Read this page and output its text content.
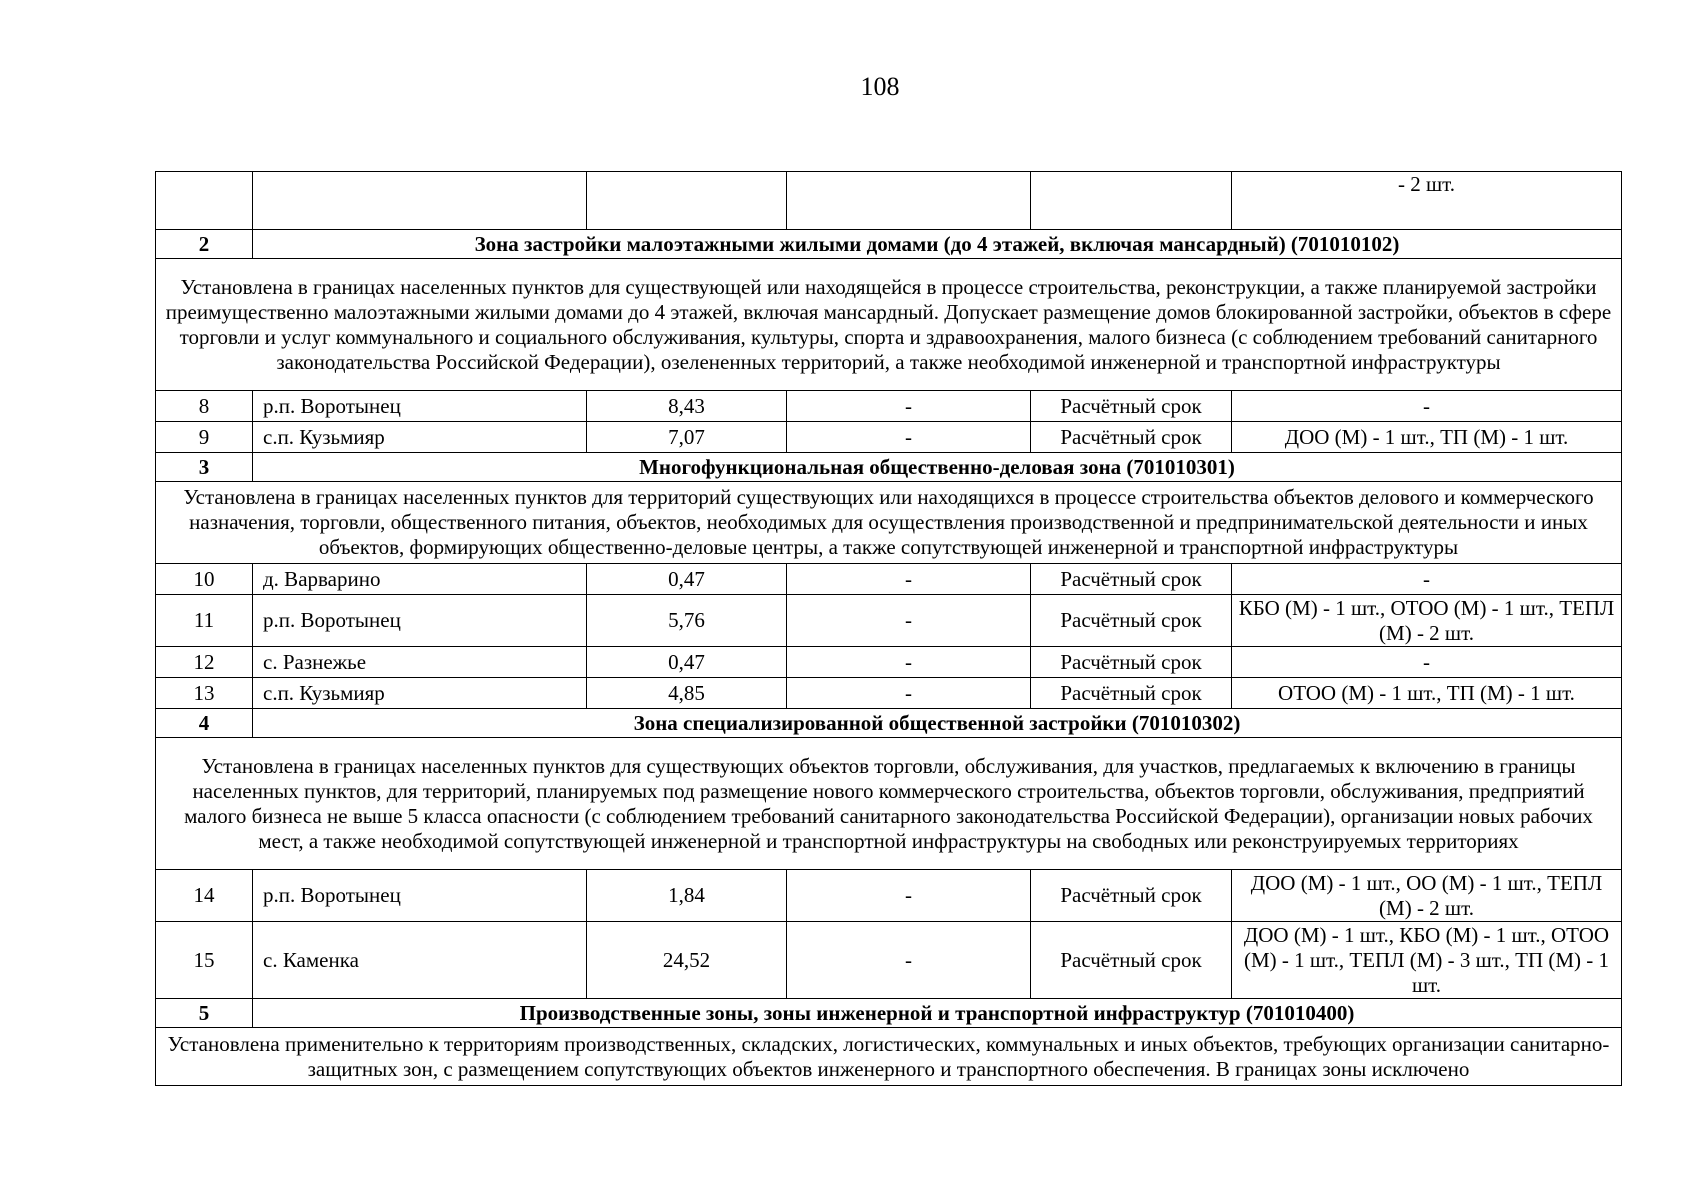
108
					- 2 шт.
2	Зона застройки малоэтажными жилыми домами (до 4 этажей, включая мансардный) (701010102)				
Установлена в границах населенных пунктов для существующей или находящейся в процессе строительства, реконструкции, а также планируемой застройки преимущественно малоэтажными жилыми домами до 4 этажей, включая мансардный. Допускает размещение домов блокированной застройки, объектов в сфере торговли и услуг коммунального и социального обслуживания, культуры, спорта и здравоохранения, малого бизнеса (с соблюдением требований санитарного законодательства Российской Федерации), озелененных территорий, а также необходимой инженерной и транспортной инфраструктуры					
8	р.п. Воротынец	8,43	-	Расчётный срок	-
9	с.п. Кузьмияр	7,07	-	Расчётный срок	ДОО (М) - 1 шт., ТП (М) - 1 шт.
3	Многофункциональная общественно-деловая зона (701010301)				
Установлена в границах населенных пунктов для территорий существующих или находящихся в процессе строительства объектов делового и коммерческого назначения, торговли, общественного питания, объектов, необходимых для осуществления производственной и предпринимательской деятельности и иных объектов, формирующих общественно-деловые центры, а также сопутствующей инженерной и транспортной инфраструктуры					
10	д. Варварино	0,47	-	Расчётный срок	-
11	р.п. Воротынец	5,76	-	Расчётный срок	КБО (М) - 1 шт., ОТОО (М) - 1 шт., ТЕПЛ (М) - 2 шт.
12	с. Разнежье	0,47	-	Расчётный срок	-
13	с.п. Кузьмияр	4,85	-	Расчётный срок	ОТОО (М) - 1 шт., ТП (М) - 1 шт.
4	Зона специализированной общественной застройки (701010302)				
Установлена в границах населенных пунктов для существующих объектов торговли, обслуживания, для участков, предлагаемых к включению в границы населенных пунктов, для территорий, планируемых под размещение нового коммерческого строительства, объектов торговли, обслуживания, предприятий малого бизнеса не выше 5 класса опасности (с соблюдением требований санитарного законодательства Российской Федерации), организации новых рабочих мест, а также необходимой сопутствующей инженерной и транспортной инфраструктуры на свободных или реконструируемых территориях					
14	р.п. Воротынец	1,84	-	Расчётный срок	ДОО (М) - 1 шт., ОО (М) - 1 шт., ТЕПЛ (М) - 2 шт.
15	с. Каменка	24,52	-	Расчётный срок	ДОО (М) - 1 шт., КБО (М) - 1 шт., ОТОО (М) - 1 шт., ТЕПЛ (М) - 3 шт., ТП (М) - 1 шт.
5	Производственные зоны, зоны инженерной и транспортной инфраструктур (701010400)				
Установлена применительно к территориям производственных, складских, логистических, коммунальных и иных объектов, требующих организации санитарно-защитных зон, с размещением сопутствующих объектов инженерного и транспортного обеспечения. В границах зоны исключено					
